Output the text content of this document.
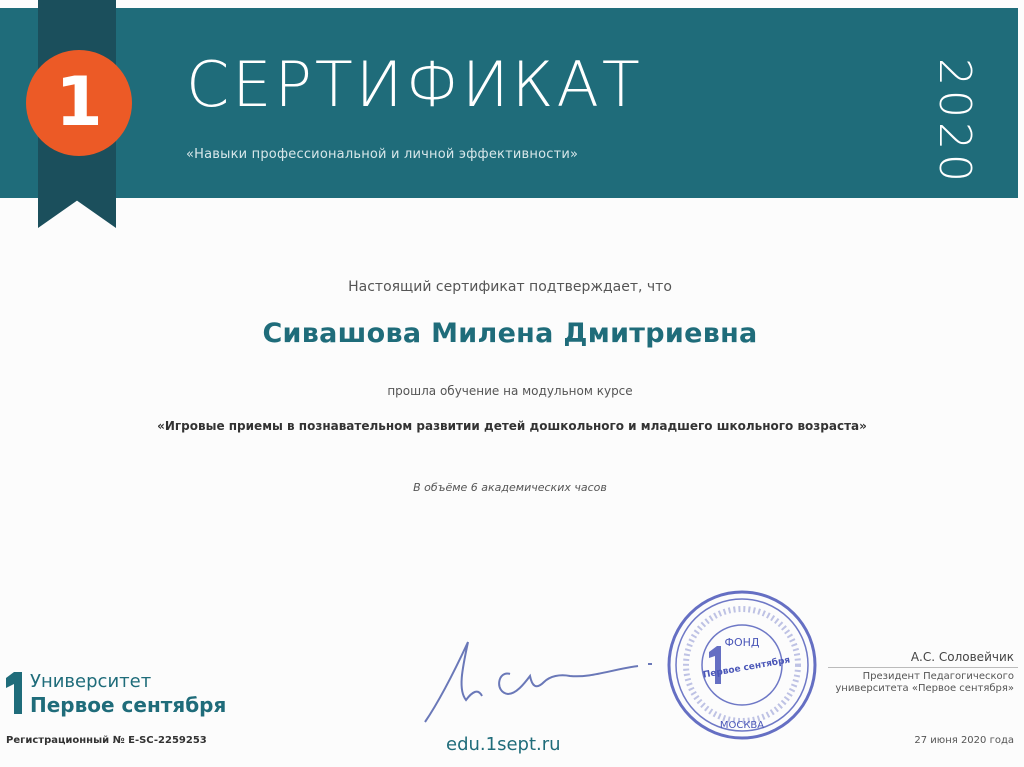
СЕРТИФИКАТ
«Навыки профессиональной и личной эффективности»	2020
1
Настоящий сертификат подтверждает, что
Сивашова Милена Дмитриевна
прошла обучение на модульном курсе
«Игровые приемы в познавательном развитии детей дошкольного и младшего школьного возраста»
В объёме 6 академических часов
Университет
Первое сентября
Регистрационный № E-SC-2259253	edu.1sept.ru
ФОНД
Первое сентября
МОСКВА
А.С. Соловейчик
Президент Педагогического университета «Первое сентября»
27 июня 2020 года
